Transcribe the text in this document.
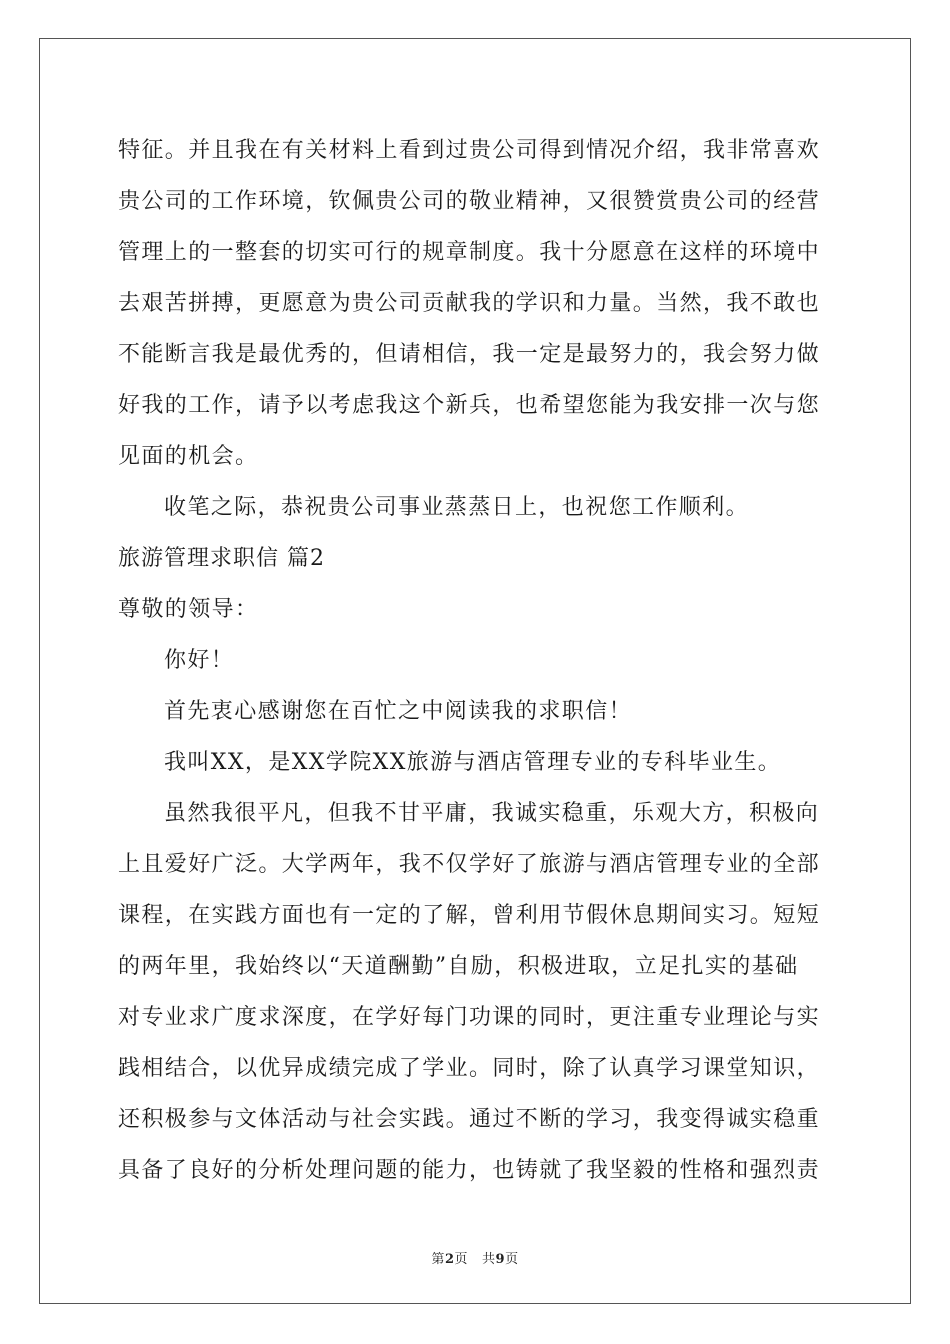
特征。并且我在有关材料上看到过贵公司得到情况介绍，我非常喜欢
贵公司的工作环境，钦佩贵公司的敬业精神，又很赞赏贵公司的经营
管理上的一整套的切实可行的规章制度。我十分愿意在这样的环境中
去艰苦拼搏，更愿意为贵公司贡献我的学识和力量。当然，我不敢也
不能断言我是最优秀的，但请相信，我一定是最努力的，我会努力做
好我的工作，请予以考虑我这个新兵，也希望您能为我安排一次与您
见面的机会。
收笔之际，恭祝贵公司事业蒸蒸日上，也祝您工作顺利。
旅游管理求职信 篇2
尊敬的领导：
你好！
首先衷心感谢您在百忙之中阅读我的求职信！
我叫XX，是XX学院XX旅游与酒店管理专业的专科毕业生。
虽然我很平凡，但我不甘平庸，我诚实稳重，乐观大方，积极向
上且爱好广泛。大学两年，我不仅学好了旅游与酒店管理专业的全部
课程，在实践方面也有一定的了解，曾利用节假休息期间实习。短短
的两年里，我始终以“天道酬勤”自励，积极进取，立足扎实的基础
对专业求广度求深度，在学好每门功课的同时，更注重专业理论与实
践相结合，以优异成绩完成了学业。同时，除了认真学习课堂知识，
还积极参与文体活动与社会实践。通过不断的学习，我变得诚实稳重
具备了良好的分析处理问题的能力，也铸就了我坚毅的性格和强烈责
第2页 共9页
